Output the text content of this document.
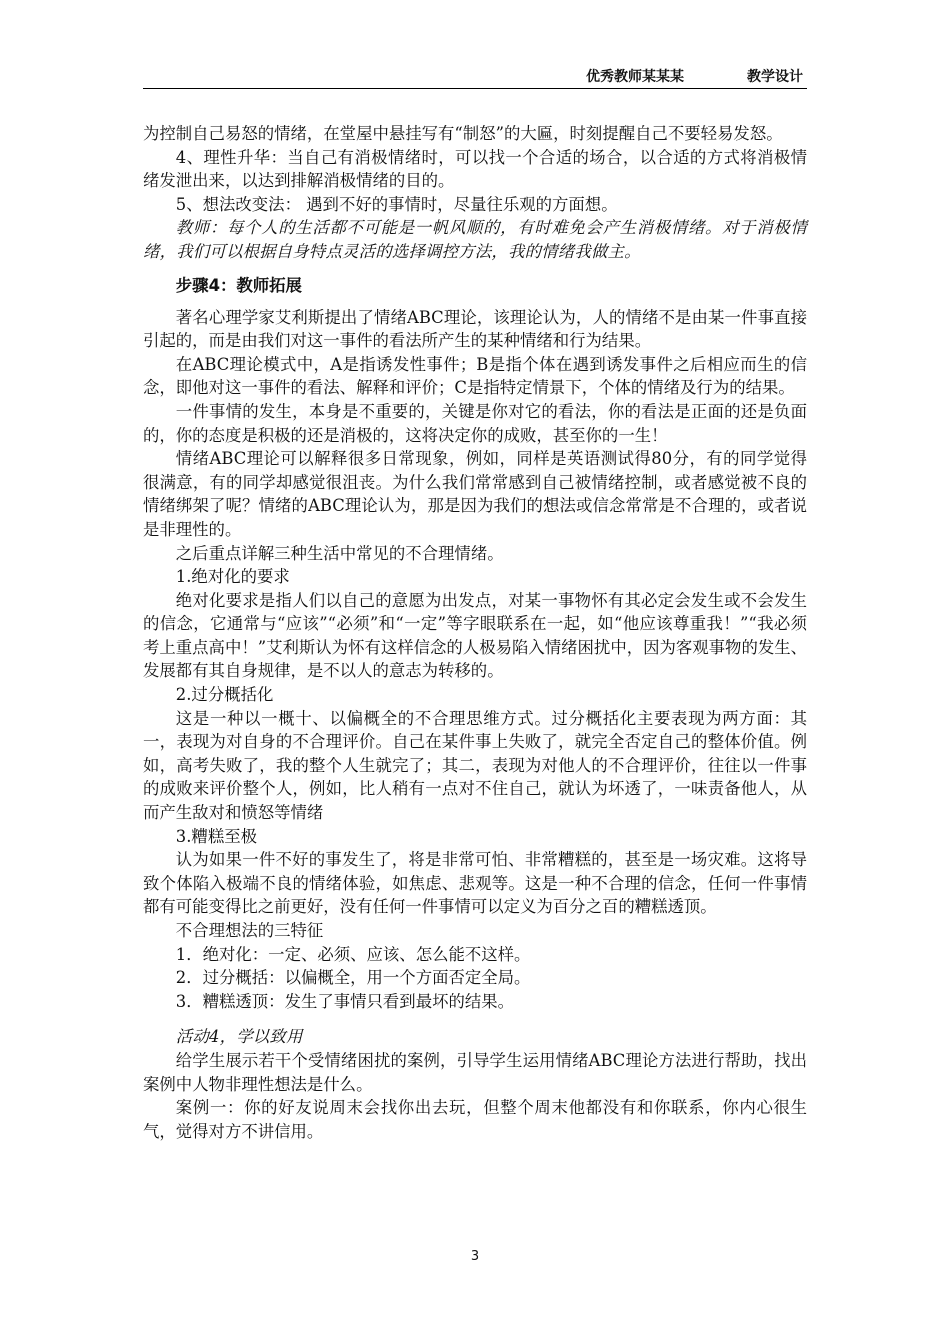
优秀教师某某某	教学设计

为控制自己易怒的情绪，在堂屋中悬挂写有“制怒”的大匾，时刻提醒自己不要轻易发怒。

4、理性升华：当自己有消极情绪时，可以找一个合适的场合，以合适的方式将消极情绪发泄出来，以达到排解消极情绪的目的。

5、想法改变法： 遇到不好的事情时，尽量往乐观的方面想。

教师：每个人的生活都不可能是一帆风顺的，有时难免会产生消极情绪。对于消极情绪，我们可以根据自身特点灵活的选择调控方法，我的情绪我做主。

步骤4：教师拓展

著名心理学家艾利斯提出了情绪ABC理论，该理论认为，人的情绪不是由某一件事直接引起的，而是由我们对这一事件的看法所产生的某种情绪和行为结果。

在ABC理论模式中，A是指诱发性事件；B是指个体在遇到诱发事件之后相应而生的信念，即他对这一事件的看法、解释和评价；C是指特定情景下，个体的情绪及行为的结果。

一件事情的发生，本身是不重要的，关键是你对它的看法，你的看法是正面的还是负面的，你的态度是积极的还是消极的，这将决定你的成败，甚至你的一生！

情绪ABC理论可以解释很多日常现象，例如，同样是英语测试得80分，有的同学觉得很满意，有的同学却感觉很沮丧。为什么我们常常感到自己被情绪控制，或者感觉被不良的情绪绑架了呢？情绪的ABC理论认为，那是因为我们的想法或信念常常是不合理的，或者说是非理性的。

之后重点详解三种生活中常见的不合理情绪。

1.绝对化的要求

绝对化要求是指人们以自己的意愿为出发点，对某一事物怀有其必定会发生或不会发生的信念，它通常与“应该”“必须”和“一定”等字眼联系在一起，如“他应该尊重我！”“我必须考上重点高中！”艾利斯认为怀有这样信念的人极易陷入情绪困扰中，因为客观事物的发生、发展都有其自身规律，是不以人的意志为转移的。

2.过分概括化

这是一种以一概十、以偏概全的不合理思维方式。过分概括化主要表现为两方面：其一，表现为对自身的不合理评价。自己在某件事上失败了，就完全否定自己的整体价值。例如，高考失败了，我的整个人生就完了；其二，表现为对他人的不合理评价，往往以一件事的成败来评价整个人，例如，比人稍有一点对不住自己，就认为坏透了，一味责备他人，从而产生敌对和愤怒等情绪

3.糟糕至极

认为如果一件不好的事发生了，将是非常可怕、非常糟糕的，甚至是一场灾难。这将导致个体陷入极端不良的情绪体验，如焦虑、悲观等。这是一种不合理的信念，任何一件事情都有可能变得比之前更好，没有任何一件事情可以定义为百分之百的糟糕透顶。

不合理想法的三特征

1．绝对化：一定、必须、应该、怎么能不这样。

2．过分概括：以偏概全，用一个方面否定全局。

3．糟糕透顶：发生了事情只看到最坏的结果。

活动4，学以致用

给学生展示若干个受情绪困扰的案例，引导学生运用情绪ABC理论方法进行帮助，找出案例中人物非理性想法是什么。

案例一：你的好友说周末会找你出去玩，但整个周末他都没有和你联系，你内心很生气，觉得对方不讲信用。

3
